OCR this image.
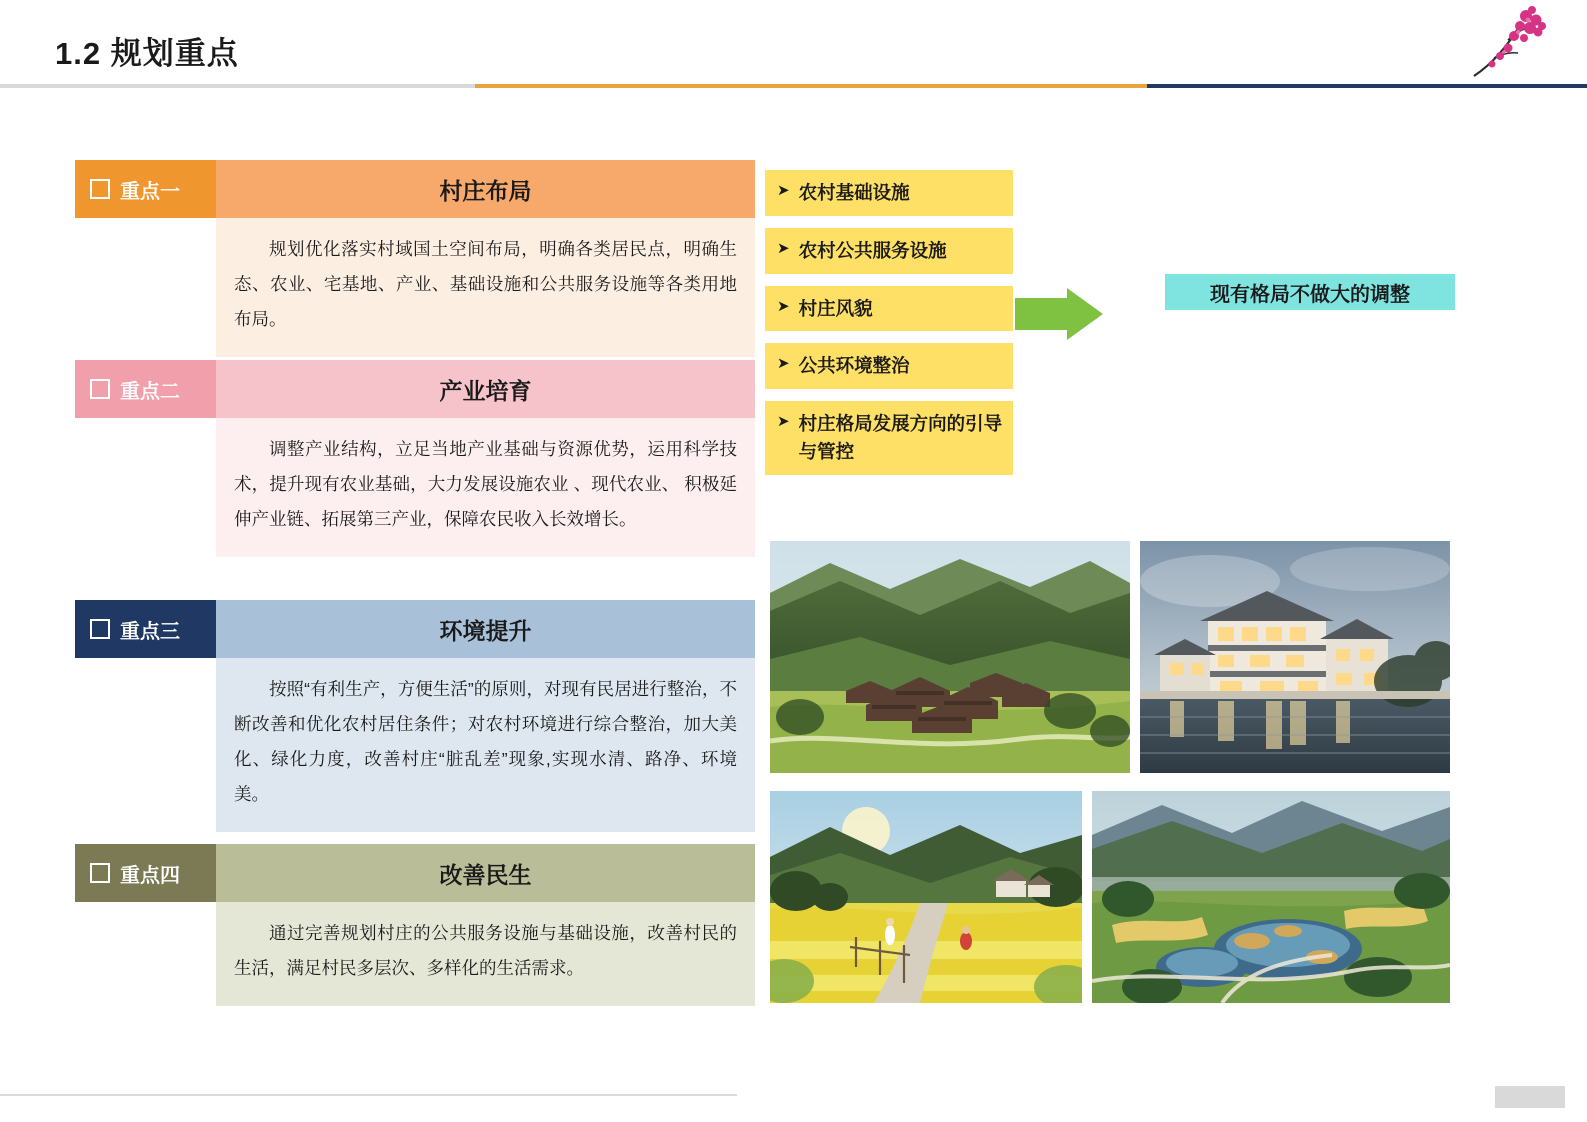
1.2 规划重点
重点一	村庄布局
规划优化落实村域国土空间布局，明确各类居民点，明确生态、农业、宅基地、产业、基础设施和公共服务设施等各类用地布局。
重点二	产业培育
调整产业结构，立足当地产业基础与资源优势，运用科学技术，提升现有农业基础，大力发展设施农业 、现代农业、 积极延伸产业链、拓展第三产业，保障农民收入长效增长。
重点三	环境提升
按照“有利生产，方便生活”的原则，对现有民居进行整治，不断改善和优化农村居住条件；对农村环境进行综合整治，加大美化、绿化力度，改善村庄“脏乱差”现象,实现水清、路净、环境美。
重点四	改善民生
通过完善规划村庄的公共服务设施与基础设施，改善村民的生活，满足村民多层次、多样化的生活需求。
➤ 农村基础设施
➤ 农村公共服务设施
➤ 村庄风貌
➤ 公共环境整治
➤ 村庄格局发展方向的引导与管控
现有格局不做大的调整
